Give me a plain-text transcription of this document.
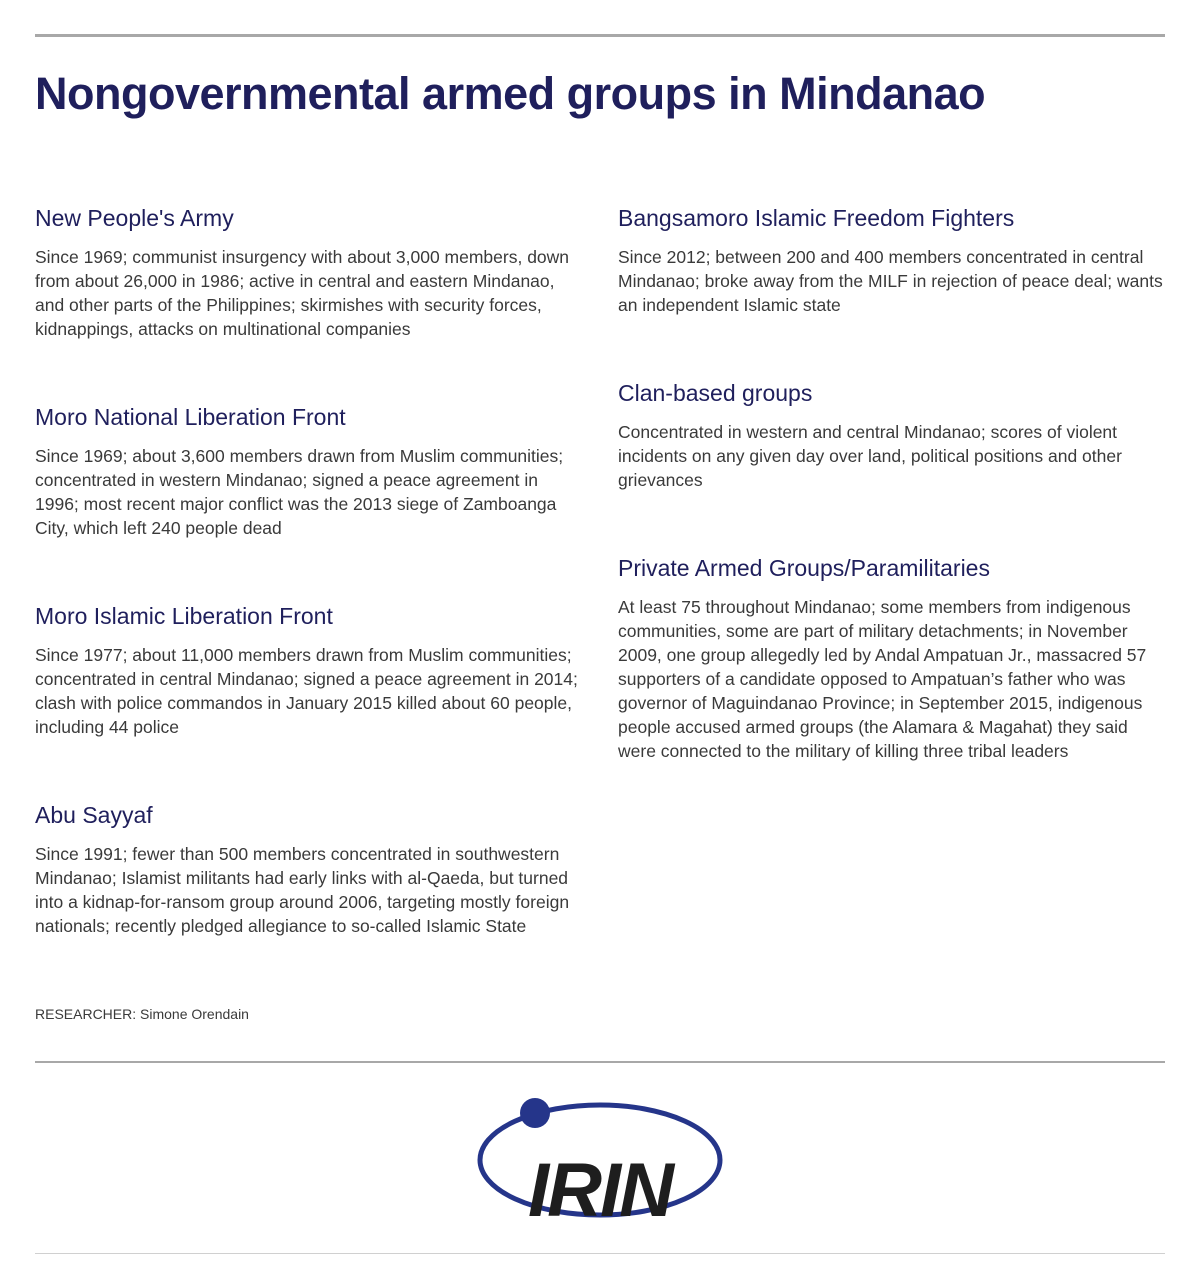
Nongovernmental armed groups in Mindanao
New People's Army

Since 1969; communist insurgency with about 3,000 members, down from about 26,000 in 1986; active in central and eastern Mindanao, and other parts of the Philippines; skirmishes with security forces, kidnappings, attacks on multinational companies

Moro National Liberation Front

Since 1969; about 3,600 members drawn from Muslim communities; concentrated in western Mindanao; signed a peace agreement in 1996; most recent major conflict was the 2013 siege of Zamboanga City, which left 240 people dead

Moro Islamic Liberation Front

Since 1977; about 11,000 members drawn from Muslim communities; concentrated in central Mindanao; signed a peace agreement in 2014; clash with police commandos in January 2015 killed about 60 people, including 44 police

Abu Sayyaf

Since 1991; fewer than 500 members concentrated in southwestern Mindanao; Islamist militants had early links with al-Qaeda, but turned into a kidnap-for-ransom group around 2006, targeting mostly foreign nationals; recently pledged allegiance to so-called Islamic State

Bangsamoro Islamic Freedom Fighters

Since 2012; between 200 and 400 members concentrated in central Mindanao; broke away from the MILF in rejection of peace deal; wants an independent Islamic state

Clan-based groups

Concentrated in western and central Mindanao; scores of violent incidents on any given day over land, political positions and other grievances

Private Armed Groups/Paramilitaries

At least 75 throughout Mindanao; some members from indigenous communities, some are part of military detachments; in November 2009, one group allegedly led by Andal Ampatuan Jr., massacred 57 supporters of a candidate opposed to Ampatuan’s father who was governor of Maguindanao Province; in September 2015, indigenous people accused armed groups (the Alamara & Magahat) they said were connected to the military of killing three tribal leaders

RESEARCHER: Simone Orendain
IRIN
